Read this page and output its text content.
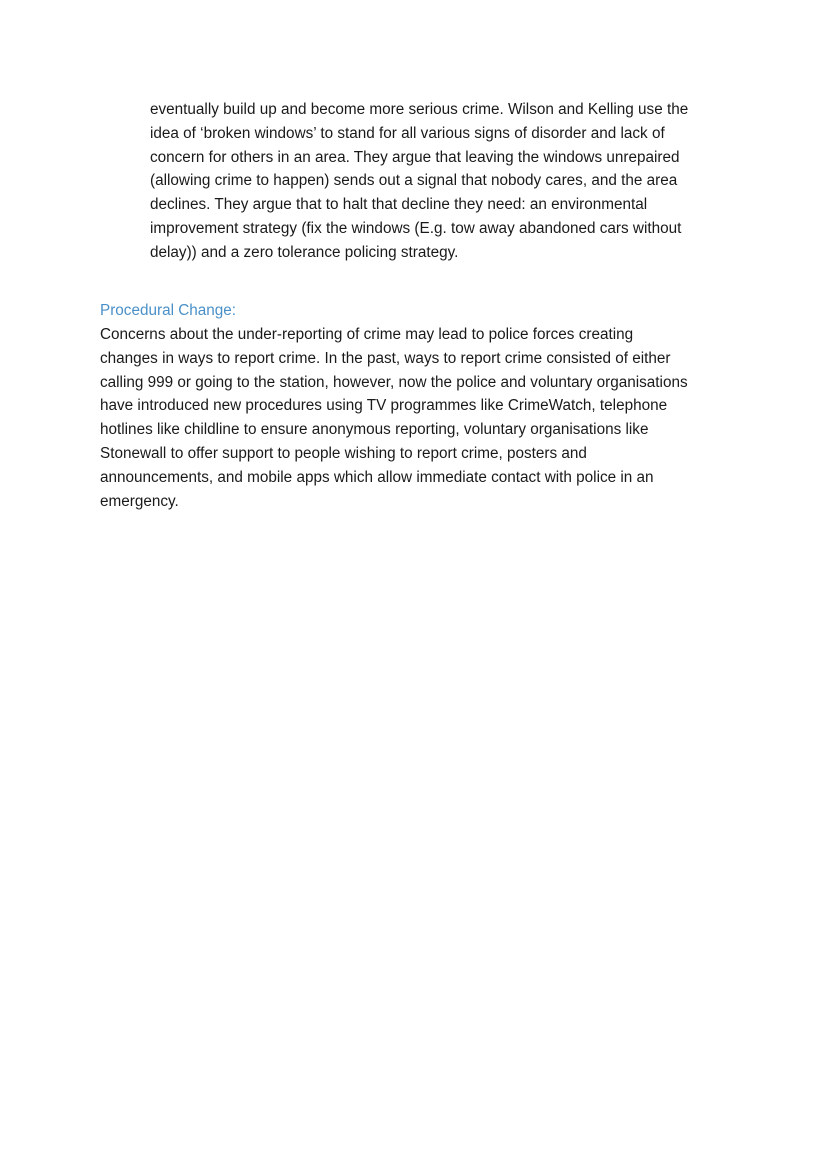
eventually build up and become more serious crime. Wilson and Kelling use the
idea of ‘broken windows’ to stand for all various signs of disorder and lack of
concern for others in an area. They argue that leaving the windows unrepaired
(allowing crime to happen) sends out a signal that nobody cares, and the area
declines. They argue that to halt that decline they need: an environmental
improvement strategy (fix the windows (E.g. tow away abandoned cars without
delay)) and a zero tolerance policing strategy.

Procedural Change:

Concerns about the under-reporting of crime may lead to police forces creating
changes in ways to report crime. In the past, ways to report crime consisted of either
calling 999 or going to the station, however, now the police and voluntary organisations
have introduced new procedures using TV programmes like CrimeWatch, telephone
hotlines like childline to ensure anonymous reporting, voluntary organisations like
Stonewall to offer support to people wishing to report crime, posters and
announcements, and mobile apps which allow immediate contact with police in an
emergency.
